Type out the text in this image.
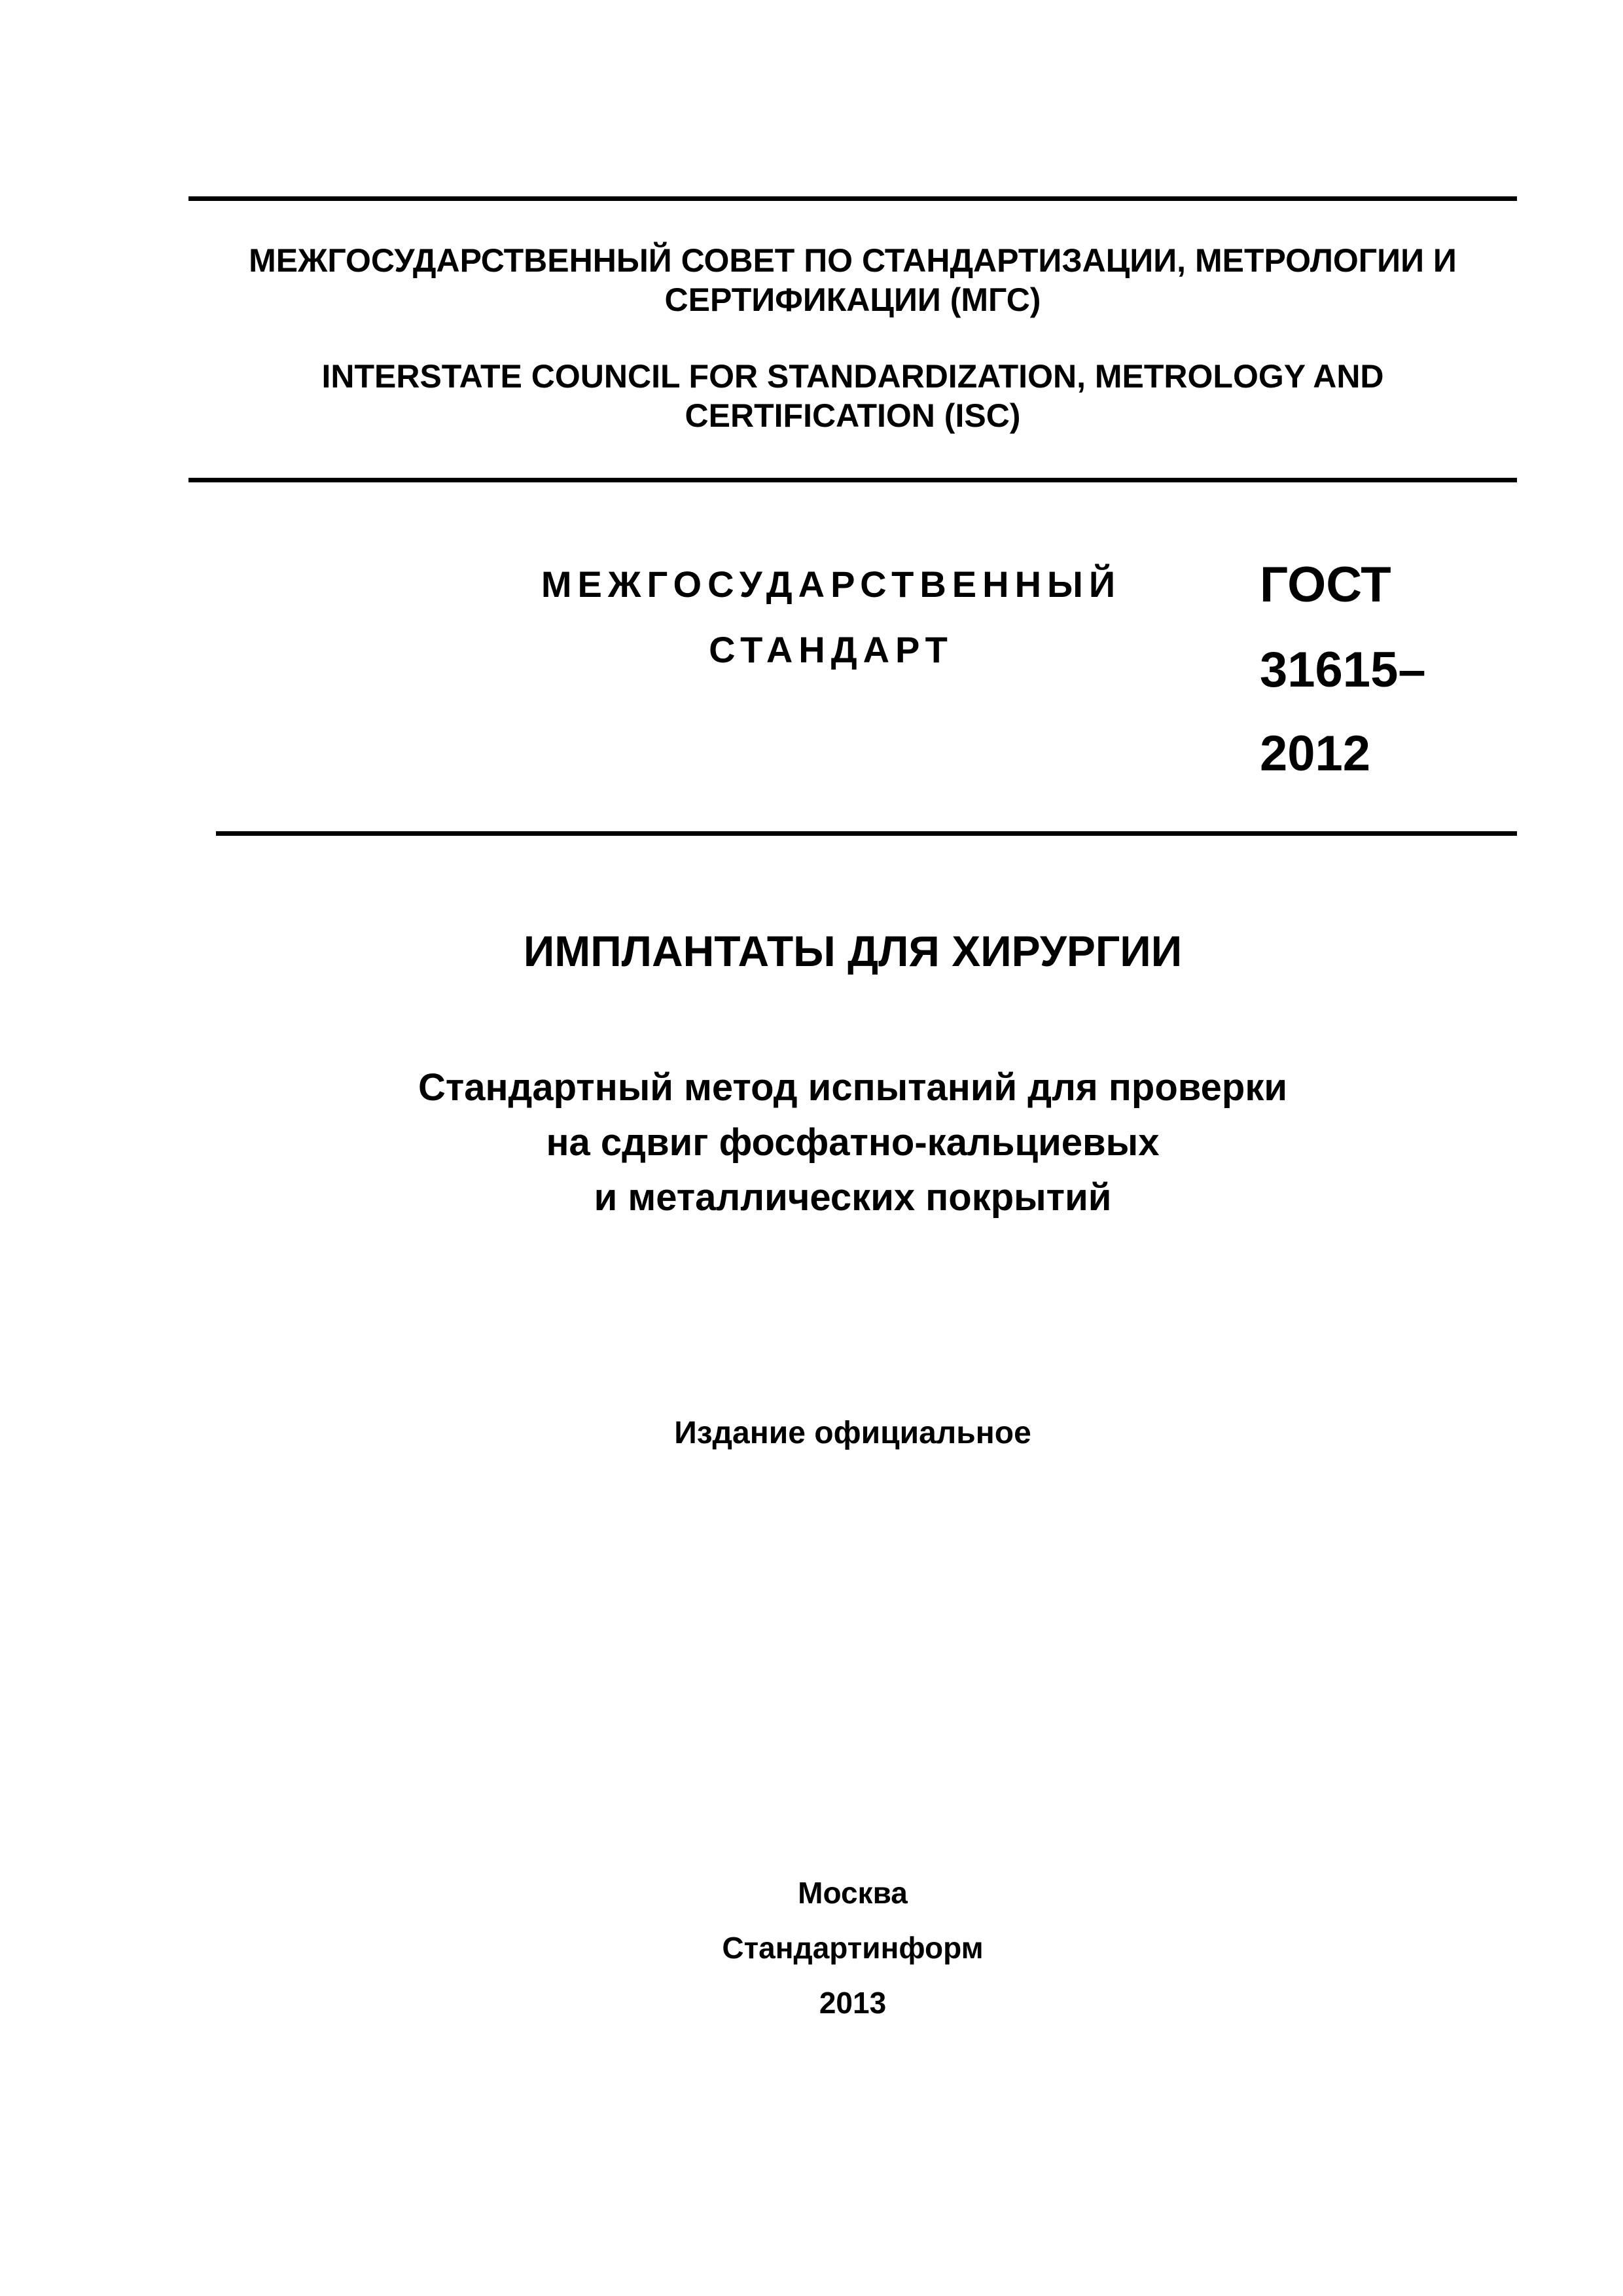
МЕЖГОСУДАРСТВЕННЫЙ СОВЕТ ПО СТАНДАРТИЗАЦИИ, МЕТРОЛОГИИ И
СЕРТИФИКАЦИИ (МГС)
INTERSTATE COUNCIL FOR STANDARDIZATION, METROLOGY AND
CERTIFICATION (ISC)
МЕЖГОСУДАРСТВЕННЫЙ
СТАНДАРТ
ГОСТ
31615–
2012
ИМПЛАНТАТЫ ДЛЯ ХИРУРГИИ
Стандартный метод испытаний для проверки
на сдвиг фосфатно-кальциевых
и металлических покрытий
Издание официальное
Москва
Стандартинформ
2013
